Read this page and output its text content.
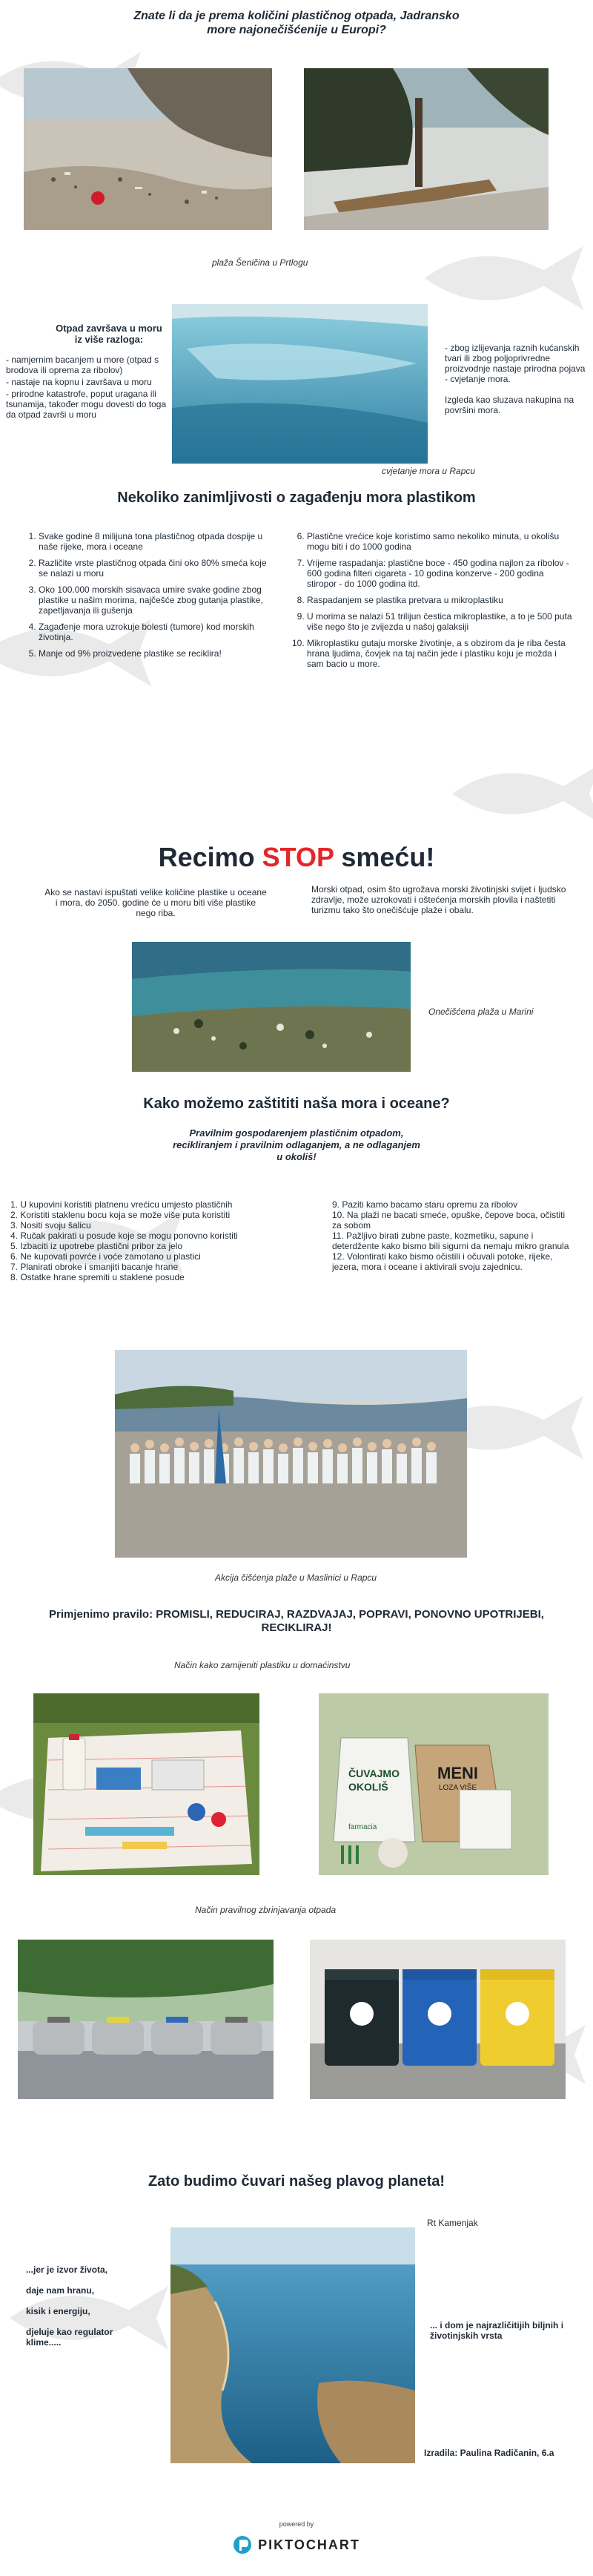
Znate li da je prema količini plastičnog otpada, Jadransko more najonečišćenije u Europi?
plaža Šeničina u Prtlogu
Otpad završava u moru iz više razloga:
- namjernim bacanjem u more (otpad s brodova ili oprema za ribolov)
- nastaje na kopnu i završava u moru
- prirodne katastrofe, poput uragana ili tsunamija, također mogu dovesti do toga da otpad završi u moru
cvjetanje mora u Rapcu
- zbog izlijevanja raznih kućanskih tvari ili zbog poljoprivredne proizvodnje nastaje prirodna pojava - cvjetanje mora.
Izgleda kao sluzava nakupina na površini mora.
Nekoliko zanimljivosti o zagađenju mora plastikom
1. Svake godine 8 milijuna tona plastičnog otpada dospije u naše rijeke, mora i oceane
2. Različite vrste plastičnog otpada čini oko 80% smeća koje se nalazi u moru
3. Oko 100.000 morskih sisavaca umire svake godine zbog plastike u našim morima, najčešće zbog gutanja plastike, zapetljavanja ili gušenja
4. Zagađenje mora uzrokuje bolesti (tumore) kod morskih životinja.
5. Manje od 9% proizvedene plastike se reciklira!
6. Plastične vrećice koje koristimo samo nekoliko minuta, u okolišu mogu biti i do 1000 godina
7. Vrijeme raspadanja: plastične boce - 450 godina najlon za ribolov - 600 godina filteri cigareta - 10 godina konzerve - 200 godina stiropor - do 1000 godina itd.
8. Raspadanjem se plastika pretvara u mikroplastiku
9. U morima se nalazi 51 trilijun čestica mikroplastike, a to je 500 puta više nego što je zvijezda u našoj galaksiji
10. Mikroplastiku gutaju morske životinje, a s obzirom da je riba česta hrana ljudima, čovjek na taj način jede i plastiku koju je možda i sam bacio u more.
Recimo STOP smeću!
Ako se nastavi ispuštati velike količine plastike u oceane i mora, do 2050. godine će u moru biti više plastike nego riba.
Morski otpad, osim što ugrožava morski životinjski svijet i ljudsko zdravlje, može uzrokovati i oštećenja morskih plovila i naštetiti turizmu tako što onečišćuje plaže i obalu.
Onečišćena plaža u Marini
Kako možemo zaštititi naša mora i oceane?
Pravilnim gospodarenjem plastičnim otpadom, recikliranjem i pravilnim odlaganjem, a ne odlaganjem u okoliš!
1. U kupovini koristiti platnenu vrećicu umjesto plastičnih
2. Koristiti staklenu bocu koja se može više puta koristiti
3. Nositi svoju šalicu
4. Ručak pakirati u posude koje se mogu ponovno koristiti
5. Izbaciti iz upotrebe plastični pribor za jelo
6. Ne kupovati povrće i voće zamotano u plastici
7. Planirati obroke i smanjiti bacanje hrane
8. Ostatke hrane spremiti u staklene posude
9. Paziti kamo bacamo staru opremu za ribolov
10. Na plaži ne bacati smeće, opuške, čepove boca, očistiti za sobom
11. Pažljivo birati zubne paste, kozmetiku, sapune i deterdžente kako bismo bili sigurni da nemaju mikro granula
12. Volontirati kako bismo očistili i očuvali potoke, rijeke, jezera, mora i oceane i aktivirali svoju zajednicu.
Akcija čišćenja plaže u Maslinici u Rapcu
Primjenimo pravilo: PROMISLI, REDUCIRAJ, RAZDVAJAJ, POPRAVI, PONOVNO UPOTRIJEBI, RECIKLIRAJ!
Način kako zamijeniti plastiku u domaćinstvu
ČUVAJMO
OKOLIŠ
MENI
LOZA VIŠE
farmacia
Način pravilnog zbrinjavanja otpada
Zato budimo čuvari našeg plavog planeta!
Rt Kamenjak
...jer je izvor života,
daje nam hranu,
kisik i energiju,
djeluje kao regulator klime.....
... i dom je najrazličitijih biljnih i životinjskih vrsta
Izradila: Paulina Radičanin, 6.a
powered by
PIKTOCHART
